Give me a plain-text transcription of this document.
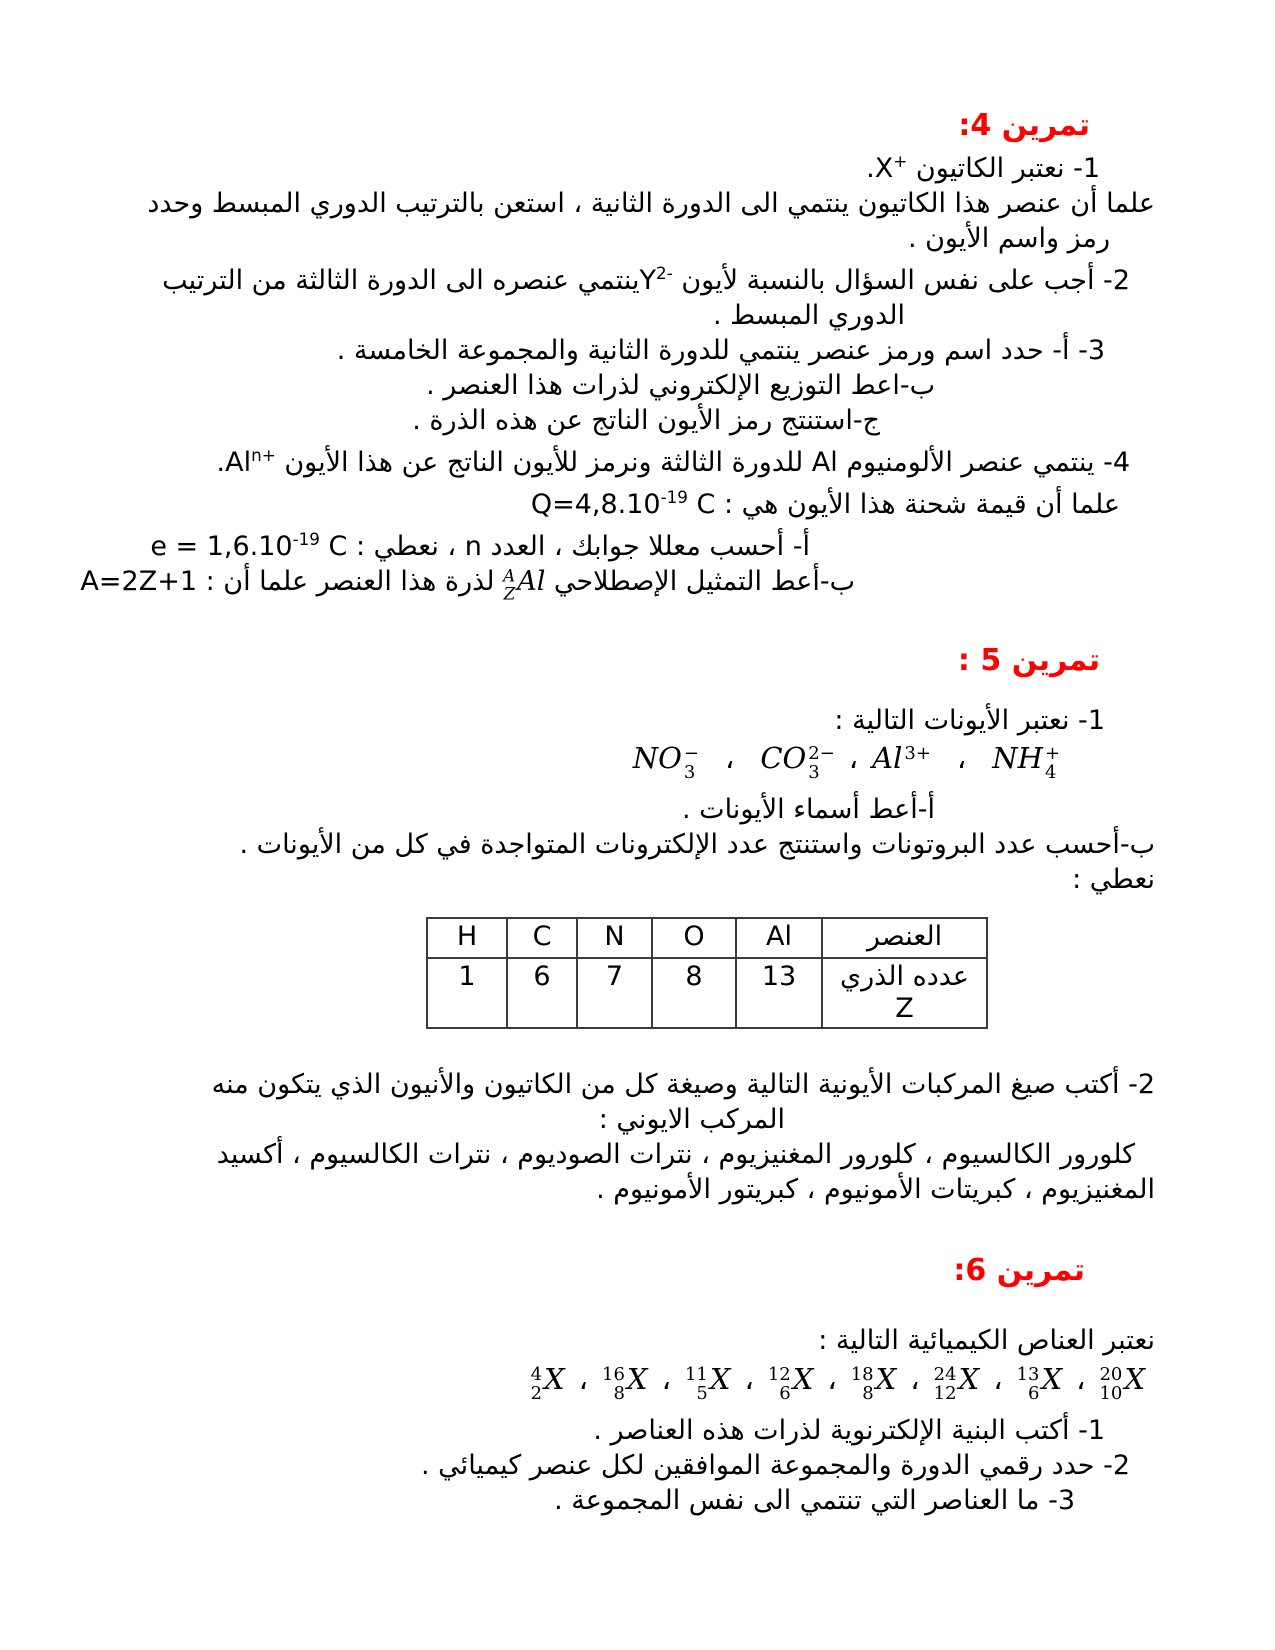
تمرين 4:

1- نعتبر الكاتيون X+.

علما أن عنصر هذا الكاتيون ينتمي الى الدورة الثانية ، استعن بالترتيب الدوري المبسط وحدد

رمز واسم الأيون .

2- أجب على نفس السؤال بالنسبة لأيون $Y^{2-}ينتمي$ عنصره الى الدورة الثالثة من الترتيب

الدوري المبسط .

3- أ- حدد اسم ورمز عنصر ينتمي للدورة الثانية والمجموعة الخامسة .

ب-اعط التوزيع الإلكتروني لذرات هذا العنصر .

ج-استنتج رمز الأيون الناتج عن هذه الذرة .

4- ينتمي عنصر الألومنيوم Al للدورة الثالثة ونرمز للأيون الناتج عن هذا الأيون $Al^{n+}$.

علما أن قيمة شحنة هذا الأيون هي : $Q=4,8.10^{-19}$ C

أ- أحسب معللا جوابك ، العدد n ، نعطي : $e = 1,6.10^{-19}$ C

ب-أعط التمثيل الإصطلاحي
A
Z Al
لذرة هذا العنصر علما أن : A=2Z+1

تمرين 5 :

1- نعتبر الأيونات التالية :

NO −
3 ، CO 2−
3 ، Al 3+ ، NH +
4

أ-أعط أسماء الأيونات .

ب-أحسب عدد البروتونات واستنتج عدد الإلكترونات المتواجدة في كل من الأيونات .

نعطي :

العنصر	Al	O	N	C	H
عدده الذري Z	13	8	7	6	1

2- أكتب صيغ المركبات الأيونية التالية وصيغة كل من الكاتيون والأنيون الذي يتكون منه

المركب الايوني :

كلورور الكالسيوم ، كلورور المغنيزيوم ، نترات الصوديوم ، نترات الكالسيوم ، أكسيد

المغنيزيوم ، كبريتات الأمونيوم ، كبريتور الأمونيوم .

تمرين 6:

نعتبر العناص الكيميائية التالية :

4
2 X ، 16
8 X ، 11
5 X ، 12
6 X ، 18
8 X ، 24
12 X ، 13
6 X ، 20
10 X

1- أكتب البنية الإلكترنوية لذرات هذه العناصر .

2- حدد رقمي الدورة والمجموعة الموافقين لكل عنصر كيميائي .

3- ما العناصر التي تنتمي الى نفس المجموعة .
